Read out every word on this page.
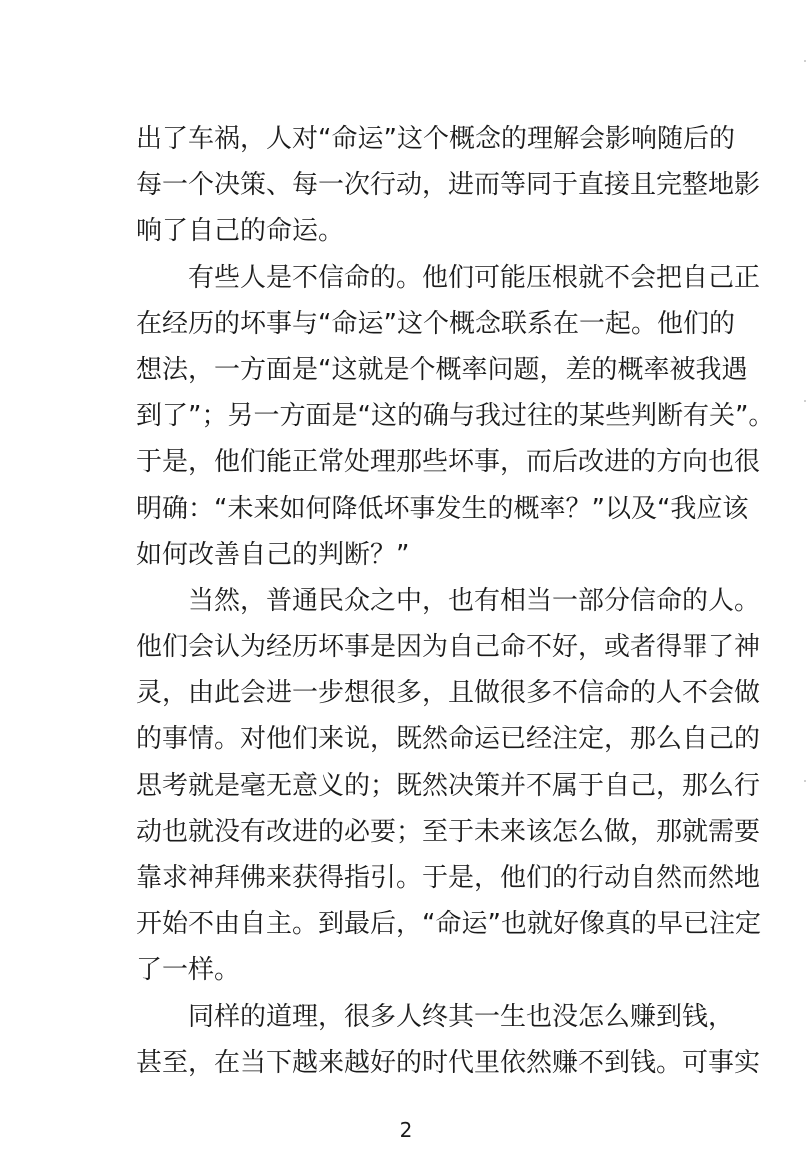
出了车祸，人对“命运”这个概念的理解会影响随后的
每一个决策、每一次行动，进而等同于直接且完整地影
响了自己的命运。
有些人是不信命的。他们可能压根就不会把自己正
在经历的坏事与“命运”这个概念联系在一起。他们的
想法，一方面是“这就是个概率问题，差的概率被我遇
到了”；另一方面是“这的确与我过往的某些判断有关”。
于是，他们能正常处理那些坏事，而后改进的方向也很
明确：“未来如何降低坏事发生的概率？”以及“我应该
如何改善自己的判断？”
当然，普通民众之中，也有相当一部分信命的人。
他们会认为经历坏事是因为自己命不好，或者得罪了神
灵，由此会进一步想很多，且做很多不信命的人不会做
的事情。对他们来说，既然命运已经注定，那么自己的
思考就是毫无意义的；既然决策并不属于自己，那么行
动也就没有改进的必要；至于未来该怎么做，那就需要
靠求神拜佛来获得指引。于是，他们的行动自然而然地
开始不由自主。到最后，“命运”也就好像真的早已注定
了一样。
同样的道理，很多人终其一生也没怎么赚到钱，
甚至，在当下越来越好的时代里依然赚不到钱。可事实
2
